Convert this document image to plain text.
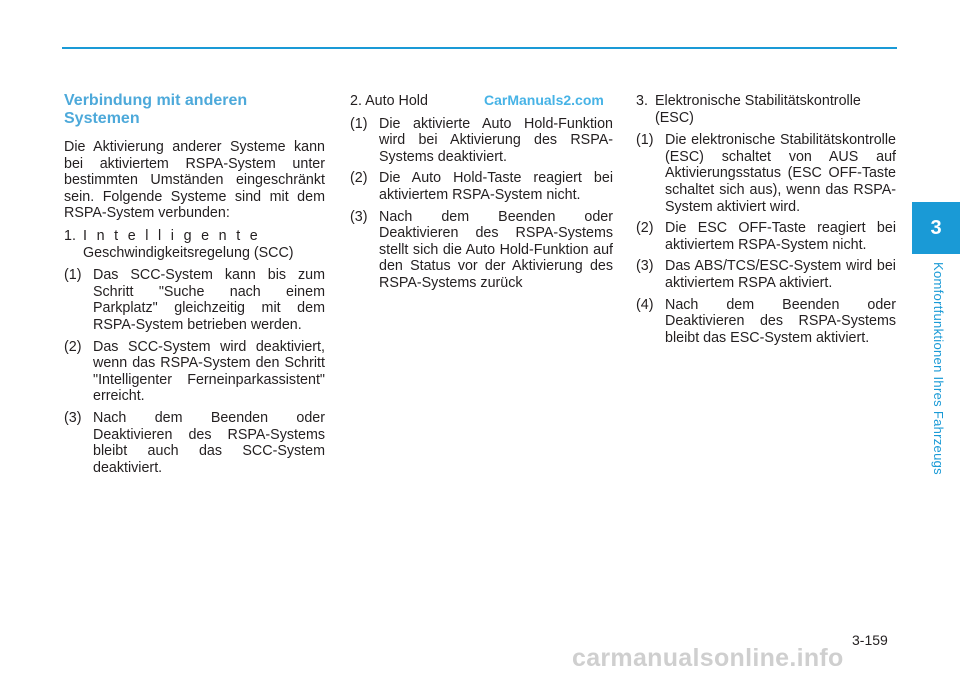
CarManuals2.com
Verbindung mit anderen Systemen
Die Aktivierung anderer Systeme kann bei aktiviertem RSPA-System unter bestimmten Umständen eingeschränkt sein. Folgende Systeme sind mit dem RSPA-System verbunden:
1. Intelligente
Geschwindigkeitsregelung (SCC)
(1) Das SCC-System kann bis zum Schritt "Suche nach einem Parkplatz" gleichzeitig mit dem RSPA-System betrieben werden.
(2) Das SCC-System wird deaktiviert, wenn das RSPA-System den Schritt "Intelligenter Ferneinparkassistent" erreicht.
(3) Nach dem Beenden oder Deaktivieren des RSPA-Systems bleibt auch das SCC-System deaktiviert.
2. Auto Hold
(1) Die aktivierte Auto Hold-Funktion wird bei Aktivierung des RSPA-Systems deaktiviert.
(2) Die Auto Hold-Taste reagiert bei aktiviertem RSPA-System nicht.
(3) Nach dem Beenden oder Deaktivieren des RSPA-Systems stellt sich die Auto Hold-Funktion auf den Status vor der Aktivierung des RSPA-Systems zurück
3. Elektronische Stabilitätskontrolle (ESC)
(1) Die elektronische Stabilitätskontrolle (ESC) schaltet von AUS auf Aktivierungsstatus (ESC OFF-Taste schaltet sich aus), wenn das RSPA-System aktiviert wird.
(2) Die ESC OFF-Taste reagiert bei aktiviertem RSPA-System nicht.
(3) Das ABS/TCS/ESC-System wird bei aktiviertem RSPA aktiviert.
(4) Nach dem Beenden oder Deaktivieren des RSPA-Systems bleibt das ESC-System aktiviert.
3
Komfortfunktionen Ihres Fahrzeugs
3-159
carmanualsonline.info
